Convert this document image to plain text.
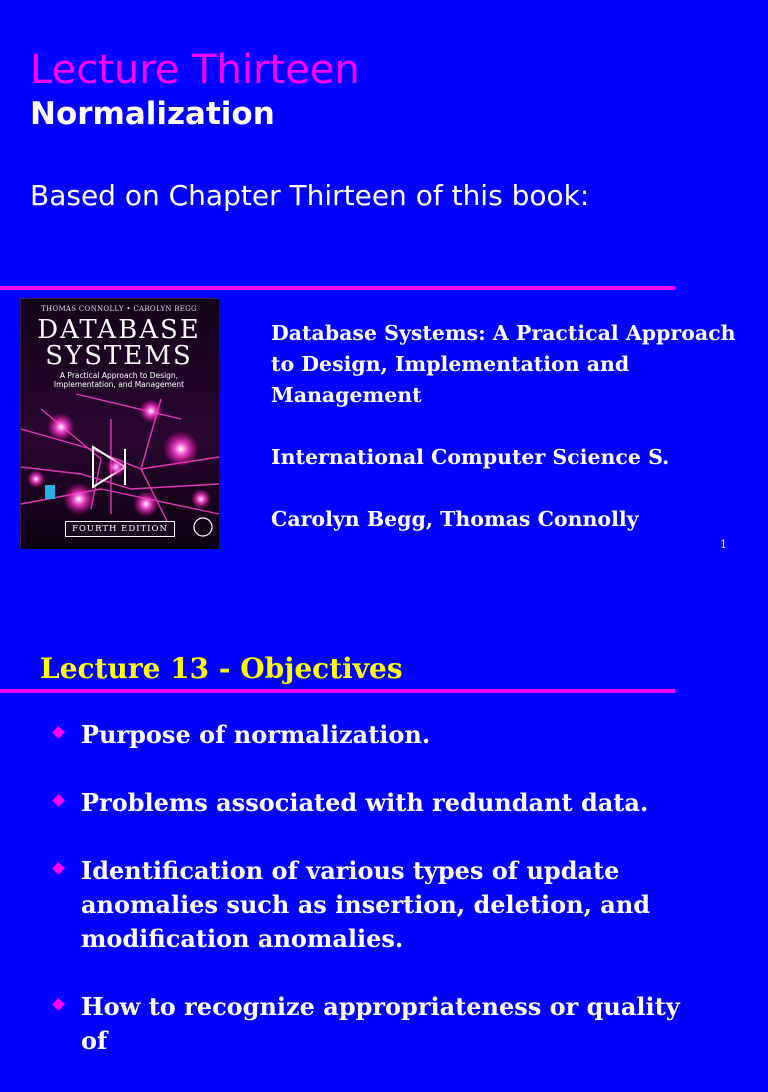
Lecture Thirteen
Normalization
Based on Chapter Thirteen of this book:
THOMAS CONNOLLY • CAROLYN BEGG
DATABASE
SYSTEMS
A Practical Approach to Design,
Implementation, and Management
FOURTH EDITION
Database Systems: A Practical Approach to Design, Implementation and Management
International Computer Science S.
Carolyn Begg, Thomas Connolly
1
Lecture 13 - Objectives
Purpose of normalization.
Problems associated with redundant data.
Identification of various types of update anomalies such as insertion, deletion, and modification anomalies.
How to recognize appropriateness or quality of
